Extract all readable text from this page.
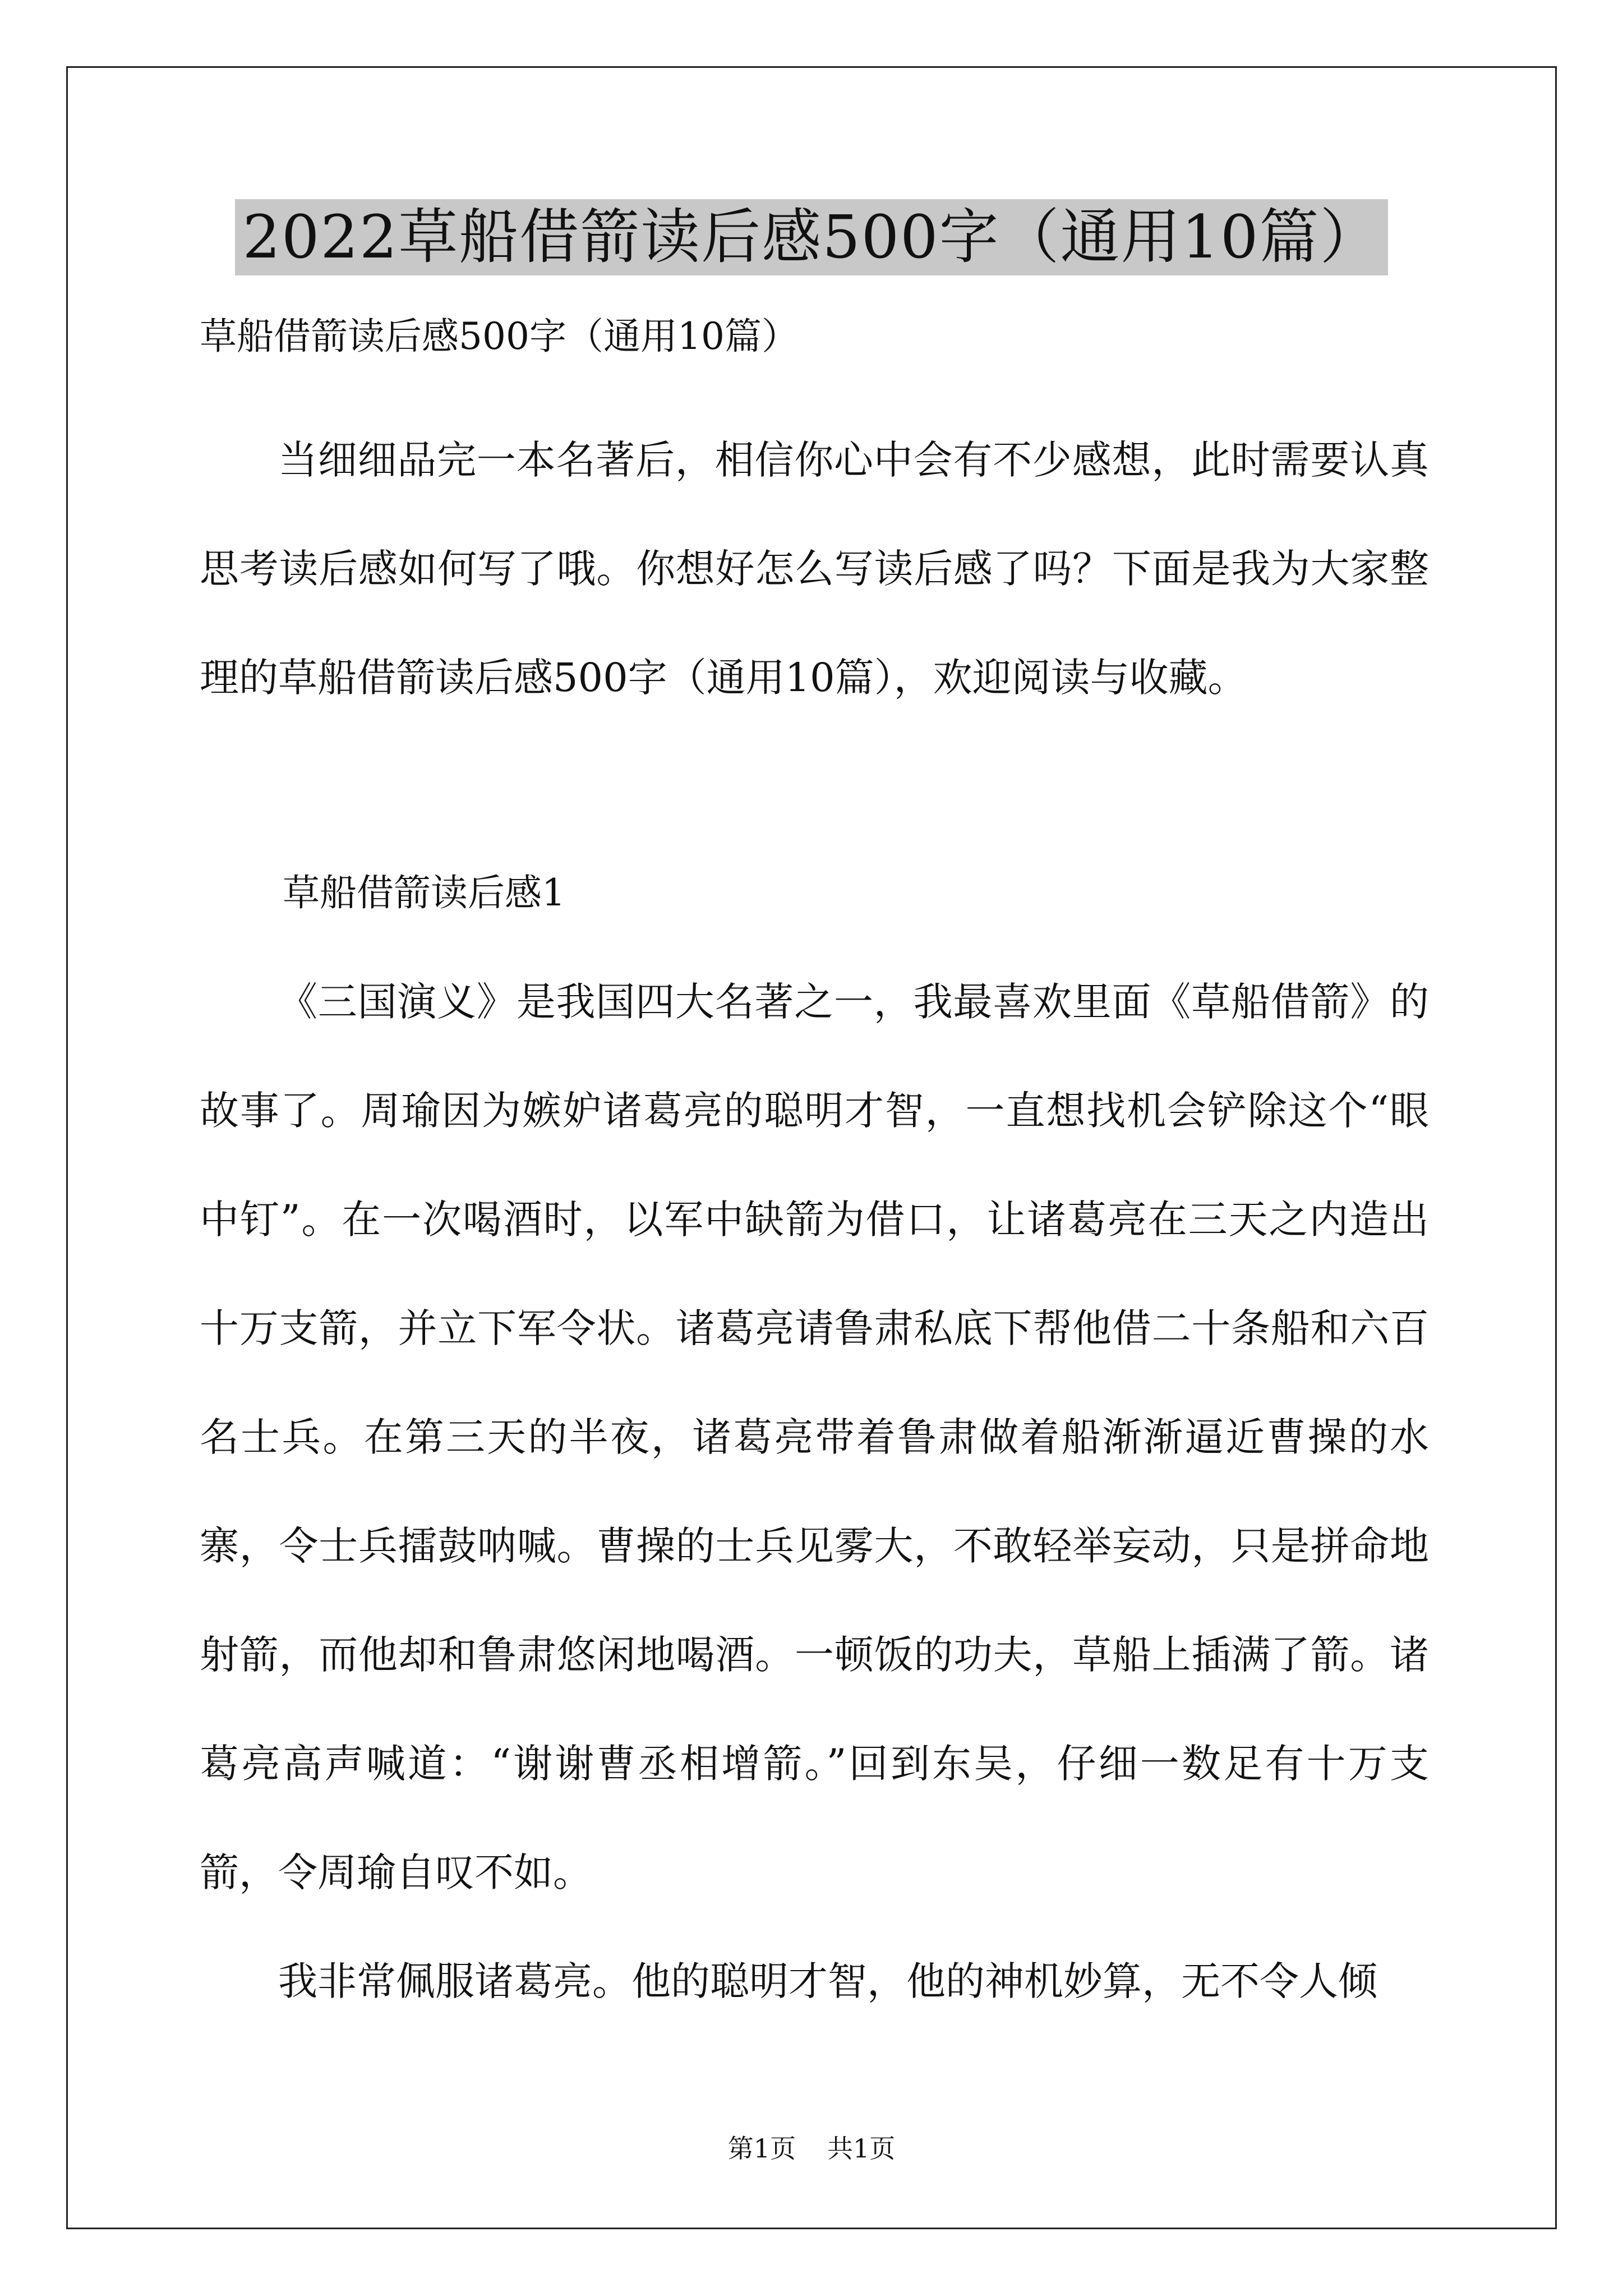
2022草船借箭读后感500字（通用10篇）
草船借箭读后感500字（通用10篇）

当细细品完一本名著后，相信你心中会有不少感想，此时需要认真思考读后感如何写了哦。你想好怎么写读后感了吗？下面是我为大家整理的草船借箭读后感500字（通用10篇），欢迎阅读与收藏。

草船借箭读后感1

《三国演义》是我国四大名著之一，我最喜欢里面《草船借箭》的故事了。周瑜因为嫉妒诸葛亮的聪明才智，一直想找机会铲除这个“眼中钉”。在一次喝酒时，以军中缺箭为借口，让诸葛亮在三天之内造出十万支箭，并立下军令状。诸葛亮请鲁肃私底下帮他借二十条船和六百名士兵。在第三天的半夜，诸葛亮带着鲁肃做着船渐渐逼近曹操的水寨，令士兵擂鼓呐喊。曹操的士兵见雾大，不敢轻举妄动，只是拼命地射箭，而他却和鲁肃悠闲地喝酒。一顿饭的功夫，草船上插满了箭。诸葛亮高声喊道：“谢谢曹丞相增箭。”回到东吴，仔细一数足有十万支箭，令周瑜自叹不如。

我非常佩服诸葛亮。他的聪明才智，他的神机妙算，无不令人倾

第1页 共1页
